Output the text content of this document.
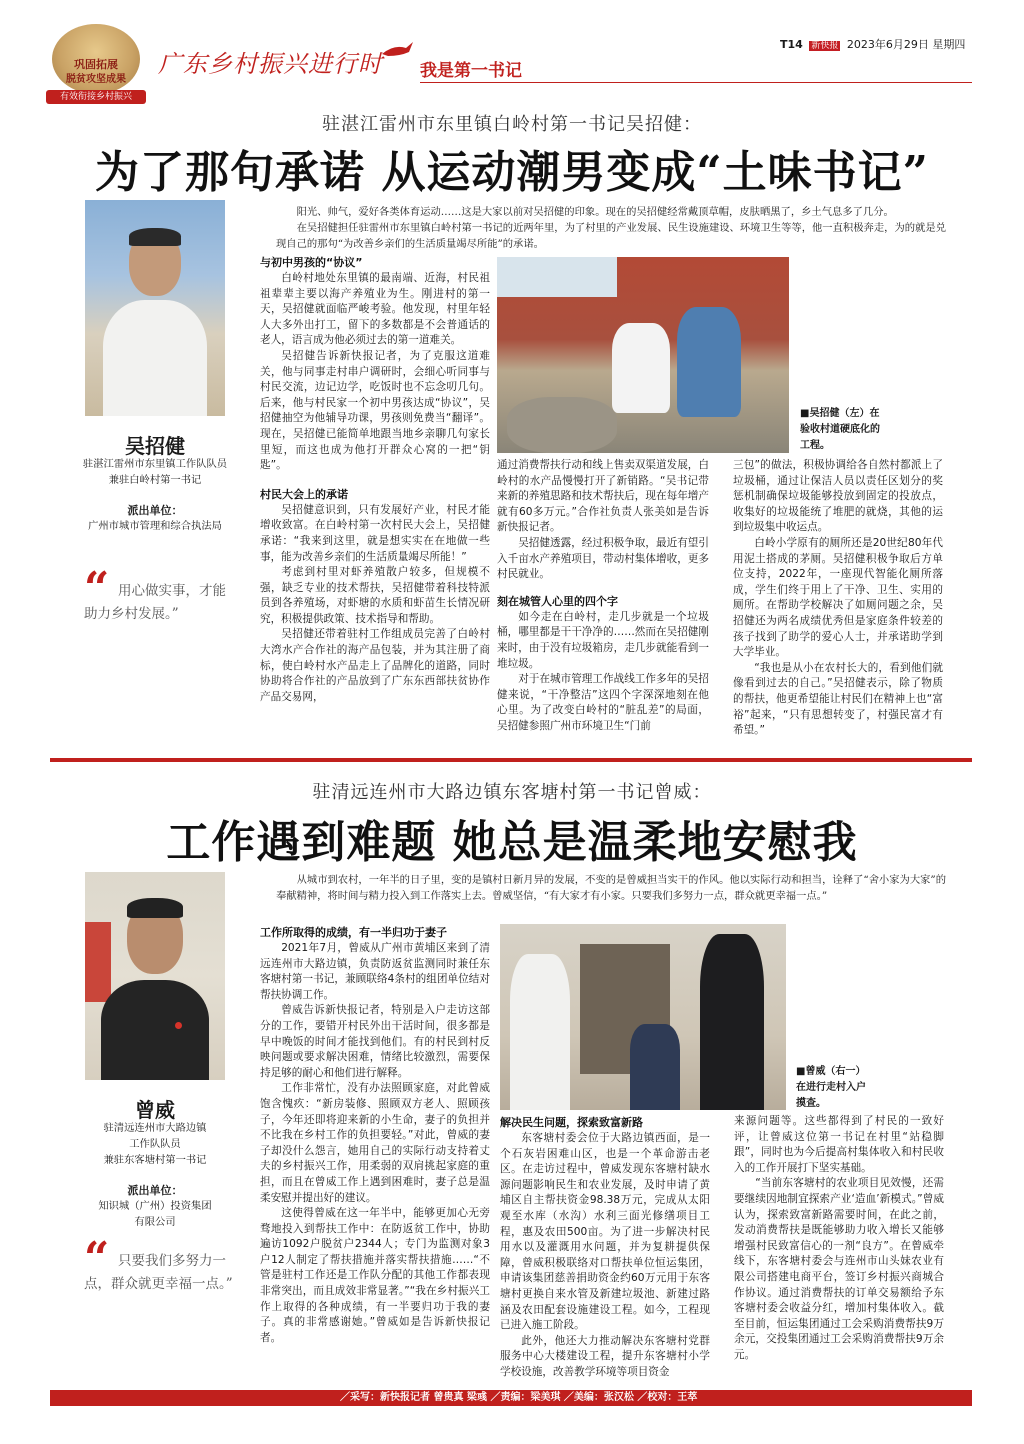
巩固拓展
脱贫攻坚成果
有效衔接乡村振兴
广东乡村振兴进行时 我是第一书记
T14 新快报 2023年6月29日 星期四
驻湛江雷州市东里镇白岭村第一书记吴招健：
为了那句承诺 从运动潮男变成“土味书记”
吴招健
驻湛江雷州市东里镇工作队队员
兼驻白岭村第一书记
派出单位：
广州市城市管理和综合执法局
“ 用心做实事，才能助力乡村发展。”

阳光、帅气，爱好各类体育运动……这是大家以前对吴招健的印象。现在的吴招健经常戴顶草帽，皮肤晒黑了，乡土气息多了几分。

在吴招健担任驻雷州市东里镇白岭村第一书记的近两年里，为了村里的产业发展、民生设施建设、环境卫生等等，他一直积极奔走，为的就是兑现自己的那句“为改善乡亲们的生活质量竭尽所能”的承诺。

与初中男孩的“协议”

白岭村地处东里镇的最南端、近海，村民祖祖辈辈主要以海产养殖业为生。刚进村的第一天，吴招健就面临严峻考验。他发现，村里年轻人大多外出打工，留下的多数都是不会普通话的老人，语言成为他必须过去的第一道难关。

吴招健告诉新快报记者，为了克服这道难关，他与同事走村串户调研时，会细心听同事与村民交流，边记边学，吃饭时也不忘念叨几句。后来，他与村民家一个初中男孩达成“协议”，吴招健抽空为他辅导功课，男孩则免费当“翻译”。现在，吴招健已能简单地跟当地乡亲聊几句家长里短，而这也成为他打开群众心窝的一把“钥匙”。

村民大会上的承诺

吴招健意识到，只有发展好产业，村民才能增收致富。在白岭村第一次村民大会上，吴招健承诺：“我来到这里，就是想实实在在地做一些事，能为改善乡亲们的生活质量竭尽所能！”

考虑到村里对虾养殖散户较多，但规模不强，缺乏专业的技术帮扶，吴招健带着科技特派员到各养殖场，对虾塘的水质和虾苗生长情况研究，积极提供政策、技术指导和帮助。

吴招健还带着驻村工作组成员完善了白岭村大湾水产合作社的海产品包装，并为其注册了商标，使白岭村水产品走上了品牌化的道路，同时协助将合作社的产品放到了广东东西部扶贫协作产品交易网，

■吴招健（左）在验收村道硬底化的工程。

通过消费帮扶行动和线上售卖双渠道发展，白岭村的水产品慢慢打开了新销路。“吴书记带来新的养殖思路和技术帮扶后，现在每年增产就有60多万元。”合作社负责人张美如是告诉新快报记者。

吴招健透露，经过积极争取，最近有望引入千亩水产养殖项目，带动村集体增收，更多村民就业。

刻在城管人心里的四个字

如今走在白岭村，走几步就是一个垃圾桶，哪里都是干干净净的……然而在吴招健刚来时，由于没有垃圾箱房，走几步就能看到一堆垃圾。

对于在城市管理工作战线工作多年的吴招健来说，“干净整洁”这四个字深深地刻在他心里。为了改变白岭村的“脏乱差”的局面，吴招健参照广州市环境卫生“门前

三包”的做法，积极协调给各自然村都派上了垃圾桶，通过让保洁人员以责任区划分的奖惩机制确保垃圾能够投放到固定的投放点，收集好的垃圾能统了堆肥的就烧，其他的运到垃圾集中收运点。

白岭小学原有的厕所还是20世纪80年代用泥土搭成的茅厕。吴招健积极争取后方单位支持，2022年，一座现代智能化厕所落成，学生们终于用上了干净、卫生、实用的厕所。在帮助学校解决了如厕问题之余，吴招健还为两名成绩优秀但是家庭条件较差的孩子找到了助学的爱心人士，并承诺助学到大学毕业。

“我也是从小在农村长大的，看到他们就像看到过去的自己。”吴招健表示，除了物质的帮扶，他更希望能让村民们在精神上也“富裕”起来，“只有思想转变了，村强民富才有希望。”

驻清远连州市大路边镇东客塘村第一书记曾威：
工作遇到难题 她总是温柔地安慰我
曾威
驻清远连州市大路边镇
工作队队员
兼驻东客塘村第一书记
派出单位：
知识城（广州）投资集团
有限公司
“ 只要我们多努力一点，群众就更幸福一点。”

从城市到农村，一年半的日子里，变的是镇村日新月异的发展，不变的是曾威担当实干的作风。他以实际行动和担当，诠释了“舍小家为大家”的奉献精神，将时间与精力投入到工作落实上去。曾威坚信，“有大家才有小家。只要我们多努力一点，群众就更幸福一点。”

工作所取得的成绩，有一半归功于妻子

2021年7月，曾威从广州市黄埔区来到了清远连州市大路边镇，负责防返贫监测同时兼任东客塘村第一书记，兼顾联络4条村的组团单位结对帮扶协调工作。

曾威告诉新快报记者，特别是入户走访这部分的工作，要错开村民外出干活时间，很多都是早中晚饭的时间才能找到他们。有的村民到村反映问题或要求解决困难，情绪比较激烈，需要保持足够的耐心和他们进行解释。

工作非常忙，没有办法照顾家庭，对此曾威饱含愧疚：“新房装修、照顾双方老人、照顾孩子，今年还即将迎来新的小生命，妻子的负担并不比我在乡村工作的负担要轻。”对此，曾威的妻子却没什么怨言，她用自己的实际行动支持着丈夫的乡村振兴工作，用柔弱的双肩挑起家庭的重担，而且在曾威工作上遇到困难时，妻子总是温柔安慰并提出好的建议。

这使得曾威在这一年半中，能够更加心无旁骛地投入到帮扶工作中：在防返贫工作中，协助遍访1092户脱贫户2344人；专门为监测对象3户12人制定了帮扶措施并落实帮扶措施……“不管是驻村工作还是工作队分配的其他工作都表现非常突出，而且成效非常显著。”“我在乡村振兴工作上取得的各种成绩，有一半要归功于我的妻子。真的非常感谢她。”曾威如是告诉新快报记者。

■曾威（右一）在进行走村入户摸查。
解决民生问题，探索致富新路

东客塘村委会位于大路边镇西面，是一个石灰岩困难山区，也是一个革命游击老区。在走访过程中，曾威发现东客塘村缺水源问题影响民生和农业发展，及时申请了黄埔区自主帮扶资金98.38万元，完成从太阳观至水库（水沟）水利三面光修缮项目工程，惠及农田500亩。为了进一步解决村民用水以及灌溉用水问题，并为复耕提供保障，曾威积极联络对口帮扶单位恒运集团，申请该集团慈善捐助资金约60万元用于东客塘村更换自来水管及新建垃圾池、新建过路涵及农田配套设施建设工程。如今，工程现已进入施工阶段。

此外，他还大力推动解决东客塘村党群服务中心大楼建设工程，提升东客塘村小学学校设施，改善教学环境等项目资金

来源问题等。这些都得到了村民的一致好评，让曾威这位第一书记在村里“站稳脚跟”，同时也为今后提高村集体收入和村民收入的工作开展打下坚实基础。

“当前东客塘村的农业项目见效慢，还需要继续因地制宜探索产业‘造血’新模式。”曾威认为，探索致富新路需要时间，在此之前，发动消费帮扶是既能够助力收入增长又能够增强村民致富信心的一剂“良方”。在曾威牵线下，东客塘村委会与连州市山头妹农业有限公司搭建电商平台，签订乡村振兴商城合作协议。通过消费帮扶的订单交易额给予东客塘村委会收益分红，增加村集体收入。截至目前，恒运集团通过工会采购消费帮扶9万余元，交投集团通过工会采购消费帮扶9万余元。

／采写：新快报记者 曾贵真 梁彧 ／责编：梁美琪 ／美编：张汉松 ／校对：王萃
